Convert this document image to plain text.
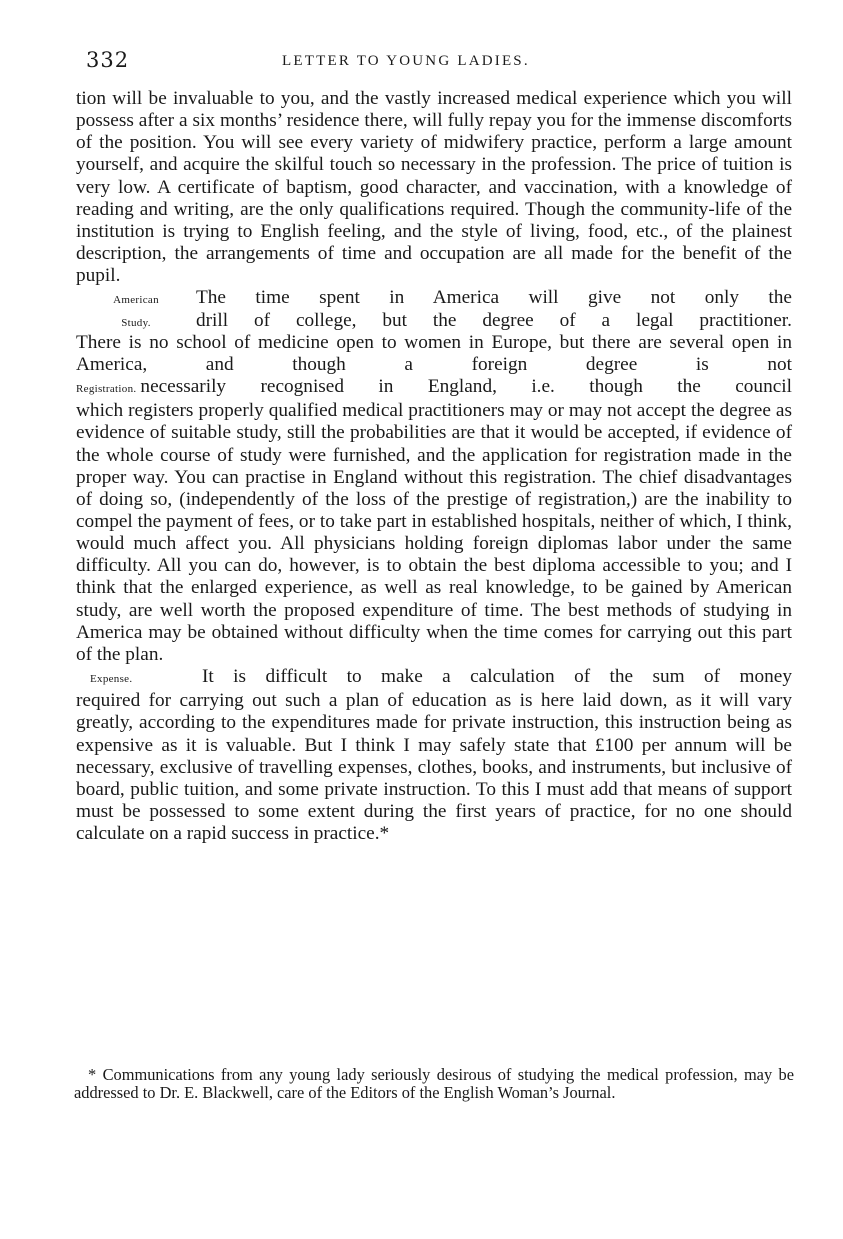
332	LETTER TO YOUNG LADIES.

tion will be invaluable to you, and the vastly increased medical experience which you will possess after a six months’ residence there, will fully repay you for the immense discomforts of the position. You will see every variety of midwifery practice, perform a large amount yourself, and acquire the skilful touch so necessary in the profession. The price of tuition is very low. A certificate of baptism, good character, and vaccination, with a knowledge of reading and writing, are the only qualifications required. Though the community-life of the institution is trying to English feeling, and the style of living, food, etc., of the plainest description, the arrangements of time and occupation are all made for the benefit of the pupil.

American	The time spent in America will give not only the
Study.	drill of college, but the degree of a legal practitioner.

There is no school of medicine open to women in Europe, but there are several open in America, and though a foreign degree is not

Registration. necessarily recognised in England, i.e. though the council

which registers properly qualified medical practitioners may or may not accept the degree as evidence of suitable study, still the probabilities are that it would be accepted, if evidence of the whole course of study were furnished, and the application for registration made in the proper way. You can practise in England without this registration. The chief disadvantages of doing so, (independently of the loss of the prestige of registration,) are the inability to compel the payment of fees, or to take part in established hospitals, neither of which, I think, would much affect you. All physicians holding foreign diplomas labor under the same difficulty. All you can do, however, is to obtain the best diploma accessible to you; and I think that the enlarged experience, as well as real knowledge, to be gained by American study, are well worth the proposed expenditure of time. The best methods of studying in America may be obtained without difficulty when the time comes for carrying out this part of the plan.

Expense.	It is difficult to make a calculation of the sum of money

required for carrying out such a plan of education as is here laid down, as it will vary greatly, according to the expenditures made for private instruction, this instruction being as expensive as it is valuable. But I think I may safely state that £100 per annum will be necessary, exclusive of travelling expenses, clothes, books, and instruments, but inclusive of board, public tuition, and some private instruction. To this I must add that means of support must be possessed to some extent during the first years of practice, for no one should calculate on a rapid success in practice.*

* Communications from any young lady seriously desirous of studying the medical profession, may be addressed to Dr. E. Blackwell, care of the Editors of the English Woman’s Journal.
